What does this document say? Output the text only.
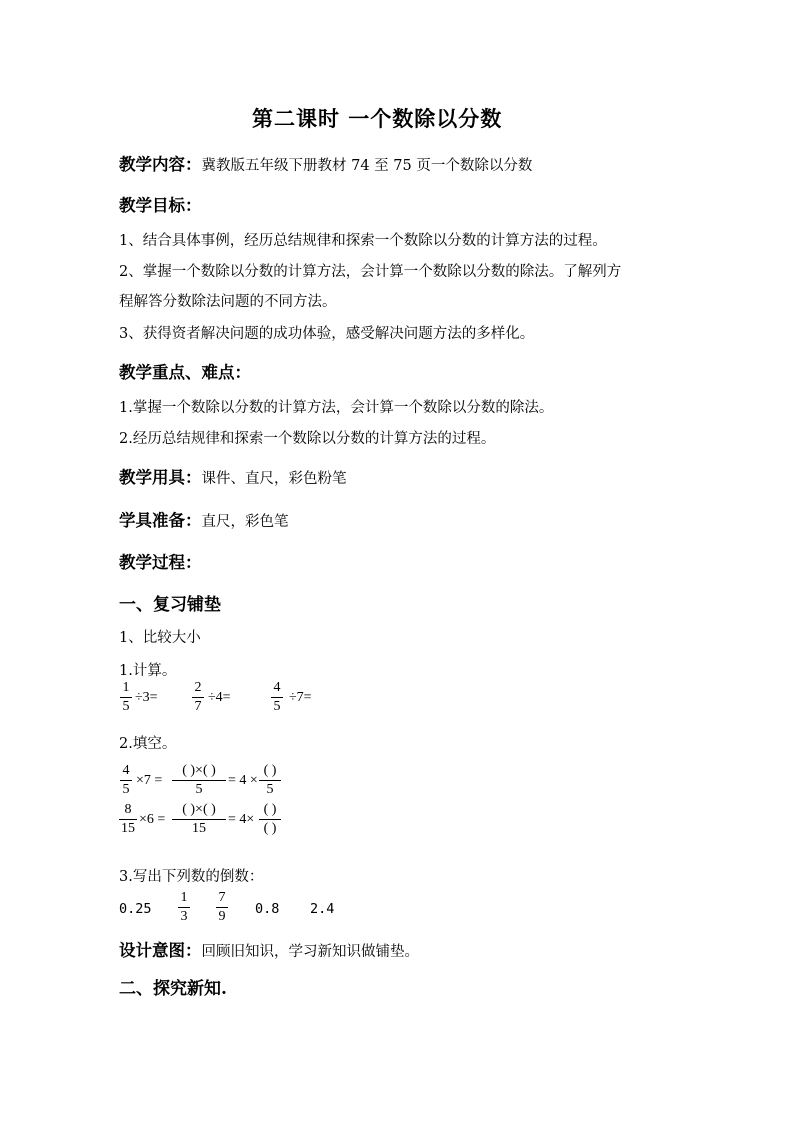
第二课时 一个数除以分数
教学内容：冀教版五年级下册教材 74 至 75 页一个数除以分数
教学目标：
1、结合具体事例，经历总结规律和探索一个数除以分数的计算方法的过程。
2、掌握一个数除以分数的计算方法，会计算一个数除以分数的除法。了解列方
程解答分数除法问题的不同方法。
3、获得资者解决问题的成功体验，感受解决问题方法的多样化。
教学重点、难点：
1.掌握一个数除以分数的计算方法，会计算一个数除以分数的除法。
2.经历总结规律和探索一个数除以分数的计算方法的过程。
教学用具：课件、直尺，彩色粉笔
学具准备：直尺，彩色笔
教学过程：
一、复习铺垫
1、比较大小
1.计算。
1
5
÷3=
2
7
÷4=
4
5
÷7=
2.填空。
4
5
×7 =
( )×( )
5
= 4 ×
( )
5
8
15
×6 =
( )×( )
15
= 4×
( )
( )
3.写出下列数的倒数：
0.25
1
3
7
9 0.8 2.4
设计意图：回顾旧知识，学习新知识做铺垫。
二、探究新知.
